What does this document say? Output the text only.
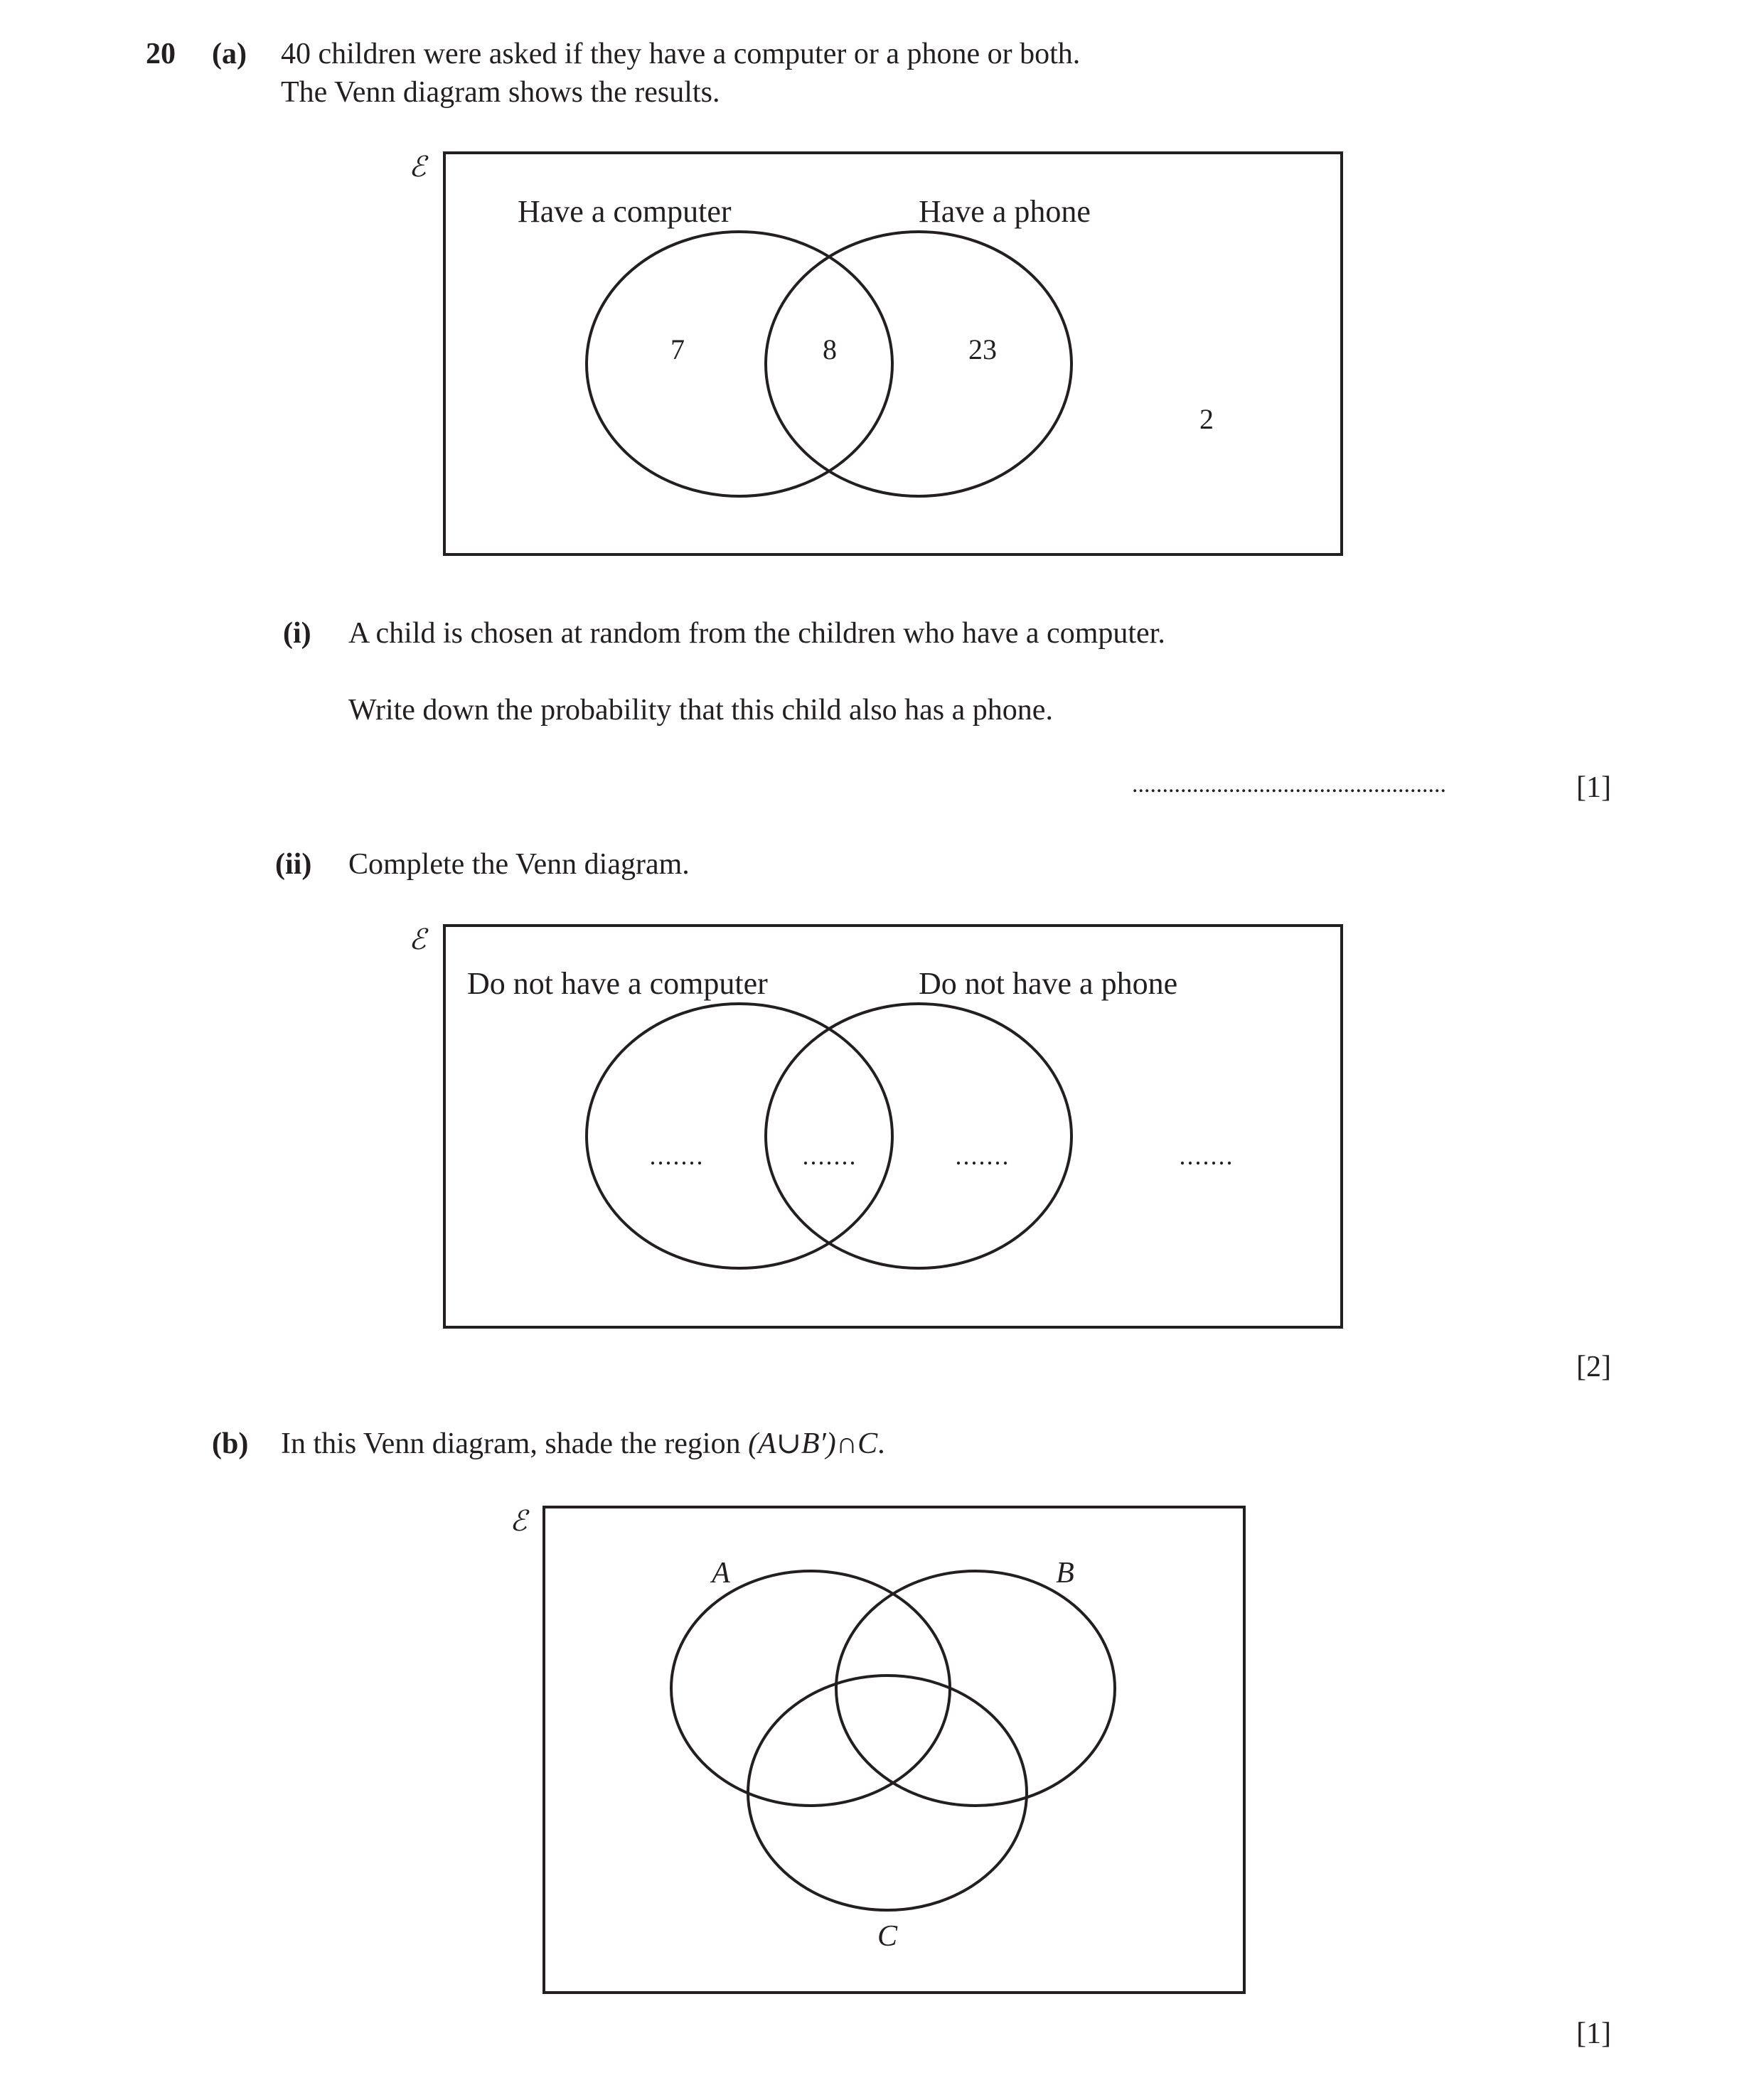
20 (a) 40 children were asked if they have a computer or a phone or both.
The Venn diagram shows the results.
ℰ
Have a computer	Have a phone
7	8	23
2
(i) A child is chosen at random from the children who have a computer.
Write down the probability that this child also has a phone.
....................................................	[1]
(ii) Complete the Venn diagram.
ℰ
Do not have a computer	Do not have a phone
.......	.......	.......	.......
[2]
(b) In this Venn diagram, shade the region (A∪B′)∩C.
ℰ
A	B
C
[1]
